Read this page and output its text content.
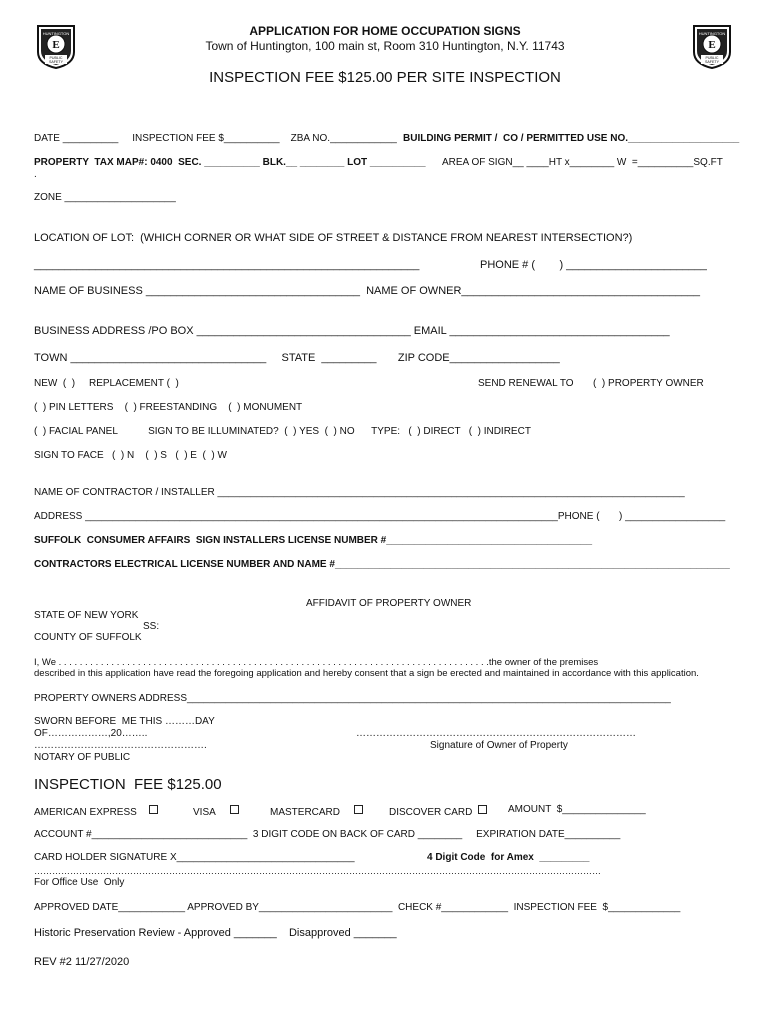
E
HUNTINGTON
PUBLIC
SAFETY
E
HUNTINGTON
PUBLIC
SAFETY
APPLICATION FOR HOME OCCUPATION SIGNS
Town of Huntington, 100 main st, Room 310 Huntington, N.Y. 11743
INSPECTION FEE $125.00 PER SITE INSPECTION
DATE __________     INSPECTION FEE $__________    ZBA NO.____________ BUILDING PERMIT /  CO / PERMITTED USE NO.____________________
PROPERTY  TAX MAP#: 0400  SEC. __________ BLK.__ ________ LOT __________ AREA OF SIGN__ ____HT x________ W  =__________SQ.FT
.
ZONE ____________________
LOCATION OF LOT:  (WHICH CORNER OR WHAT SIDE OF STREET & DISTANCE FROM NEAREST INTERSECTION?)
_______________________________________________________________	PHONE # (        ) _______________________
NAME OF BUSINESS ___________________________________  NAME OF OWNER_______________________________________
BUSINESS ADDRESS /PO BOX ___________________________________ EMAIL ____________________________________
TOWN ________________________________     STATE  _________       ZIP CODE__________________
NEW  (  )     REPLACEMENT (  )	SEND RENEWAL TO       (  ) PROPERTY OWNER
(  ) PIN LETTERS    (  ) FREESTANDING    (  ) MONUMENT
(  ) FACIAL PANEL           SIGN TO BE ILLUMINATED?  (  ) YES  (  ) NO      TYPE:   (  ) DIRECT   (  ) INDIRECT
SIGN TO FACE   (  ) N    (  ) S   (  ) E  (  ) W
NAME OF CONTRACTOR / INSTALLER ____________________________________________________________________________________
ADDRESS _____________________________________________________________________________________PHONE (       ) __________________
SUFFOLK  CONSUMER AFFAIRS  SIGN INSTALLERS LICENSE NUMBER #_____________________________________
CONTRACTORS ELECTRICAL LICENSE NUMBER AND NAME #_______________________________________________________________________
AFFIDAVIT OF PROPERTY OWNER
STATE OF NEW YORK
SS:
COUNTY OF SUFFOLK
I, We . . . . . . . . . . . . . . . . . . . . . . . . . . . . . . . . . . . . . . . . . . . . . . . . . . . . . . . . . . . . . . . . . . . . . . . . . . . . . . . . . .the owner of the premises
described in this application have read the foregoing application and hereby consent that a sign be erected and maintained in accordance with this application.
PROPERTY OWNERS ADDRESS_______________________________________________________________________________________
SWORN BEFORE  ME THIS ………DAY
OF………………,20……..	…………………………………………………………………………
…………………………………………….	Signature of Owner of Property
NOTARY OF PUBLIC
INSPECTION  FEE $125.00
AMERICAN EXPRESS	VISA	MASTERCARD	DISCOVER CARD	AMOUNT  $_______________
ACCOUNT #____________________________  3 DIGIT CODE ON BACK OF CARD ________     EXPIRATION DATE__________
CARD HOLDER SIGNATURE X________________________________	4 Digit Code  for Amex  _________
………………………………………………………………………………………………………………………………………………………………………
For Office Use  Only
APPROVED DATE____________ APPROVED BY________________________  CHECK #____________  INSPECTION FEE  $_____________
Historic Preservation Review - Approved _______    Disapproved _______
REV #2 11/27/2020
